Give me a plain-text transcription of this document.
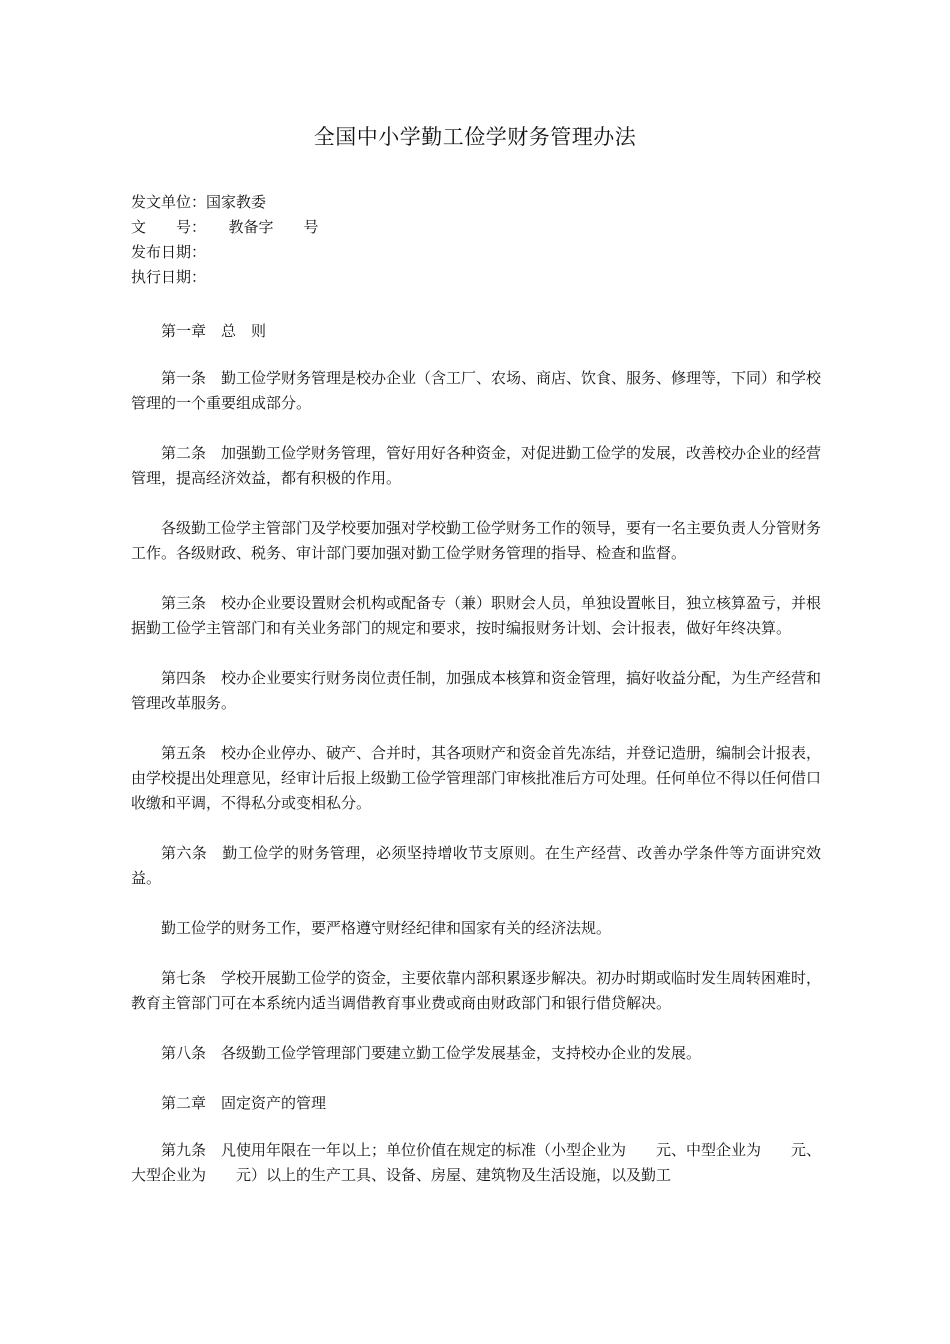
全国中小学勤工俭学财务管理办法
发文单位：国家教委
文　　号：　　教备字　　号
发布日期：
执行日期：

第一章　总　则

第一条　勤工俭学财务管理是校办企业（含工厂、农场、商店、饮食、服务、修理等，下同）和学校管理的一个重要组成部分。

第二条　加强勤工俭学财务管理，管好用好各种资金，对促进勤工俭学的发展，改善校办企业的经营管理，提高经济效益，都有积极的作用。

各级勤工俭学主管部门及学校要加强对学校勤工俭学财务工作的领导，要有一名主要负责人分管财务工作。各级财政、税务、审计部门要加强对勤工俭学财务管理的指导、检查和监督。

第三条　校办企业要设置财会机构或配备专（兼）职财会人员，单独设置帐目，独立核算盈亏，并根据勤工俭学主管部门和有关业务部门的规定和要求，按时编报财务计划、会计报表，做好年终决算。

第四条　校办企业要实行财务岗位责任制，加强成本核算和资金管理，搞好收益分配，为生产经营和管理改革服务。

第五条　校办企业停办、破产、合并时，其各项财产和资金首先冻结，并登记造册，编制会计报表，由学校提出处理意见，经审计后报上级勤工俭学管理部门审核批准后方可处理。任何单位不得以任何借口收缴和平调，不得私分或变相私分。

第六条　勤工俭学的财务管理，必须坚持增收节支原则。在生产经营、改善办学条件等方面讲究效益。

勤工俭学的财务工作，要严格遵守财经纪律和国家有关的经济法规。

第七条　学校开展勤工俭学的资金，主要依靠内部积累逐步解决。初办时期或临时发生周转困难时，教育主管部门可在本系统内适当调借教育事业费或商由财政部门和银行借贷解决。

第八条　各级勤工俭学管理部门要建立勤工俭学发展基金，支持校办企业的发展。

第二章　固定资产的管理

第九条　凡使用年限在一年以上；单位价值在规定的标准（小型企业为　　元、中型企业为　　元、大型企业为　　元）以上的生产工具、设备、房屋、建筑物及生活设施，以及勤工
